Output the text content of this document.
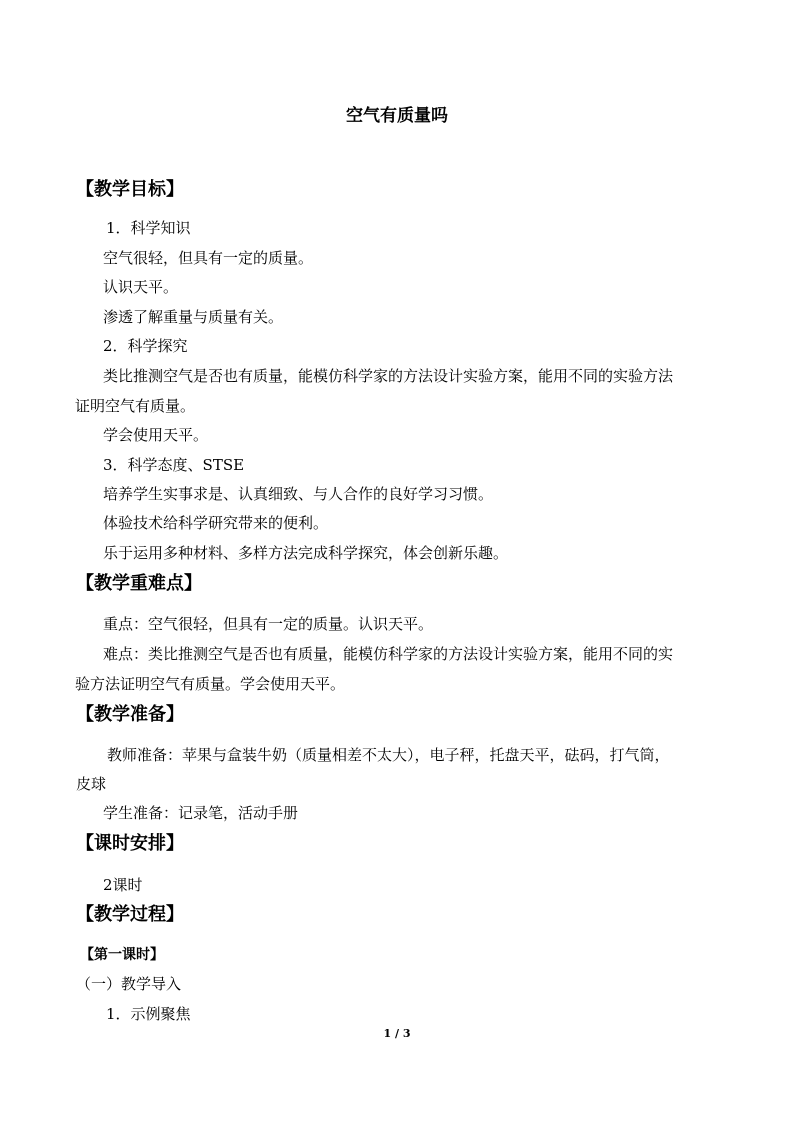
空气有质量吗
【教学目标】
1．科学知识
空气很轻，但具有一定的质量。
认识天平。
渗透了解重量与质量有关。
2．科学探究
类比推测空气是否也有质量，能模仿科学家的方法设计实验方案，能用不同的实验方法
证明空气有质量。
学会使用天平。
3．科学态度、STSE
培养学生实事求是、认真细致、与人合作的良好学习习惯。
体验技术给科学研究带来的便利。
乐于运用多种材料、多样方法完成科学探究，体会创新乐趣。
【教学重难点】
重点：空气很轻，但具有一定的质量。认识天平。
难点：类比推测空气是否也有质量，能模仿科学家的方法设计实验方案，能用不同的实
验方法证明空气有质量。学会使用天平。
【教学准备】
教师准备：苹果与盒装牛奶（质量相差不太大），电子秤，托盘天平，砝码，打气筒，
皮球
学生准备：记录笔，活动手册
【课时安排】
2课时
【教学过程】
【第一课时】
（一）教学导入
1．示例聚焦
1 / 3
